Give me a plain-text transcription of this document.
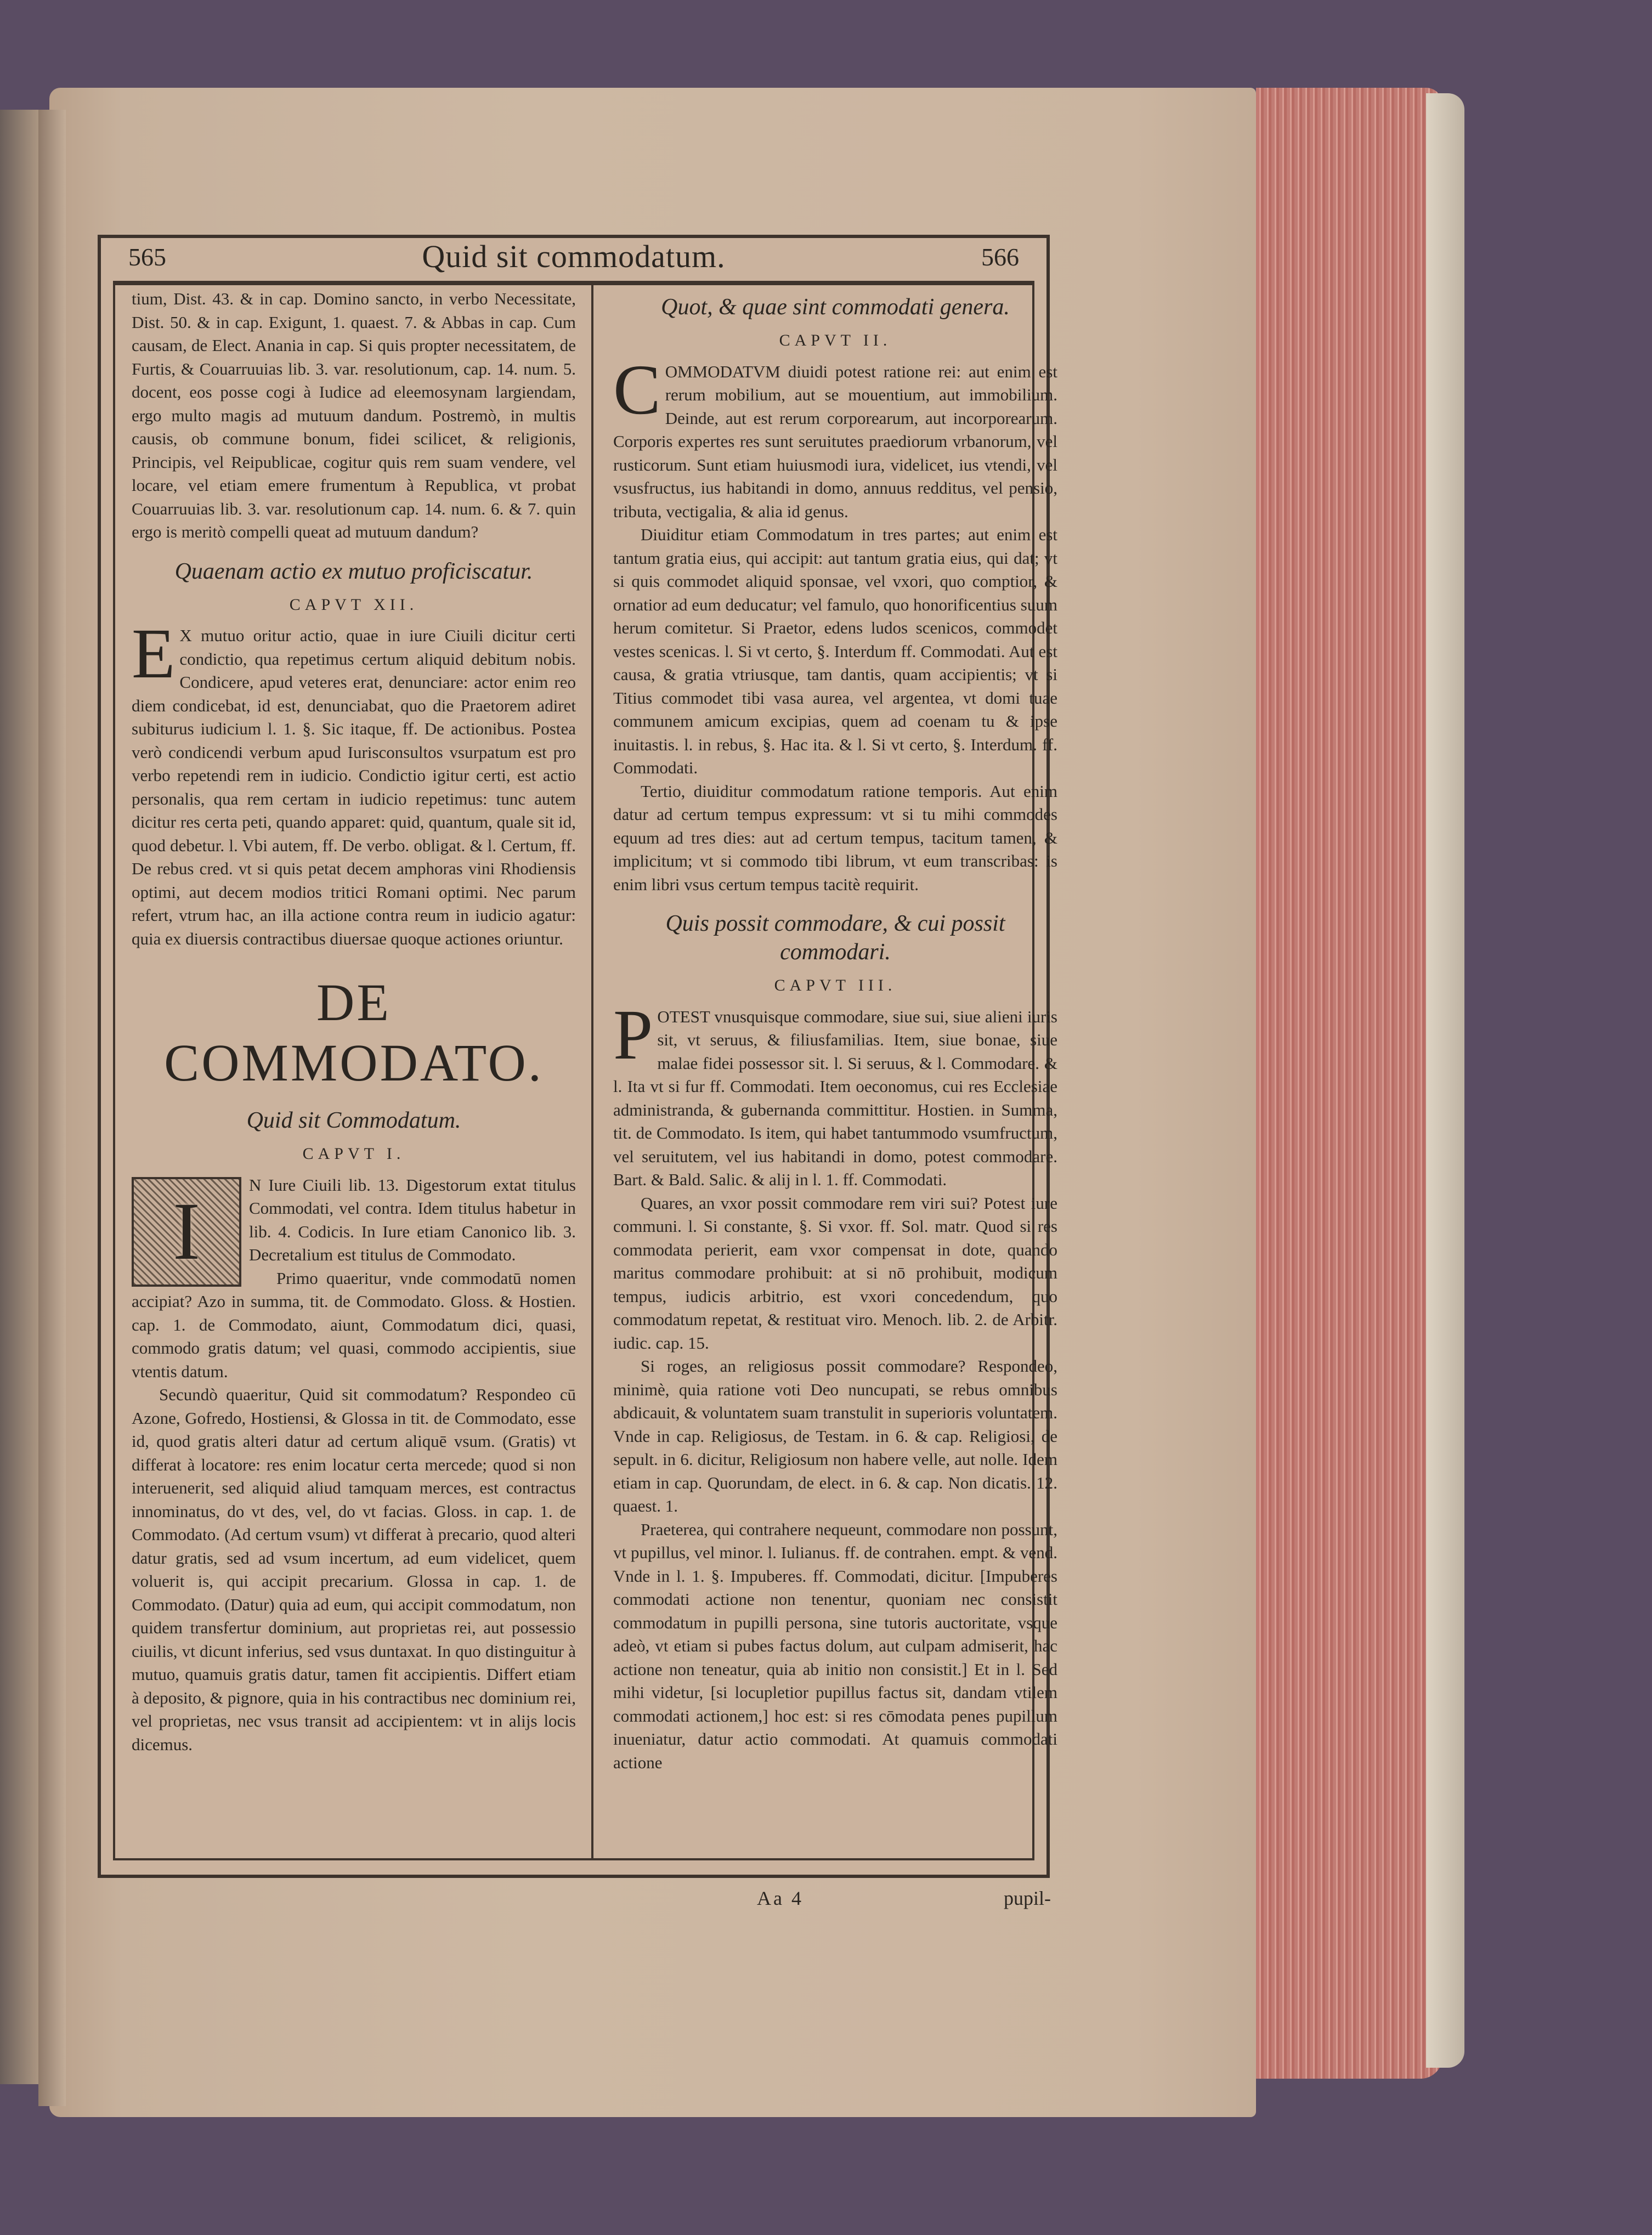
565	Quid sit commodatum.	566

tium, Dist. 43. & in cap. Domino sancto, in verbo Necessitate, Dist. 50. & in cap. Exigunt, 1. quaest. 7. & Abbas in cap. Cum causam, de Elect. Anania in cap. Si quis propter necessitatem, de Furtis, & Couarruuias lib. 3. var. resolutionum, cap. 14. num. 5. docent, eos posse cogi à Iudice ad eleemosynam largiendam, ergo multo magis ad mutuum dandum. Postremò, in multis causis, ob commune bonum, fidei scilicet, & religionis, Principis, vel Reipublicae, cogitur quis rem suam vendere, vel locare, vel etiam emere frumentum à Republica, vt probat Couarruuias lib. 3. var. resolutionum cap. 14. num. 6. & 7. quin ergo is meritò compelli queat ad mutuum dandum?

Quaenam actio ex mutuo proficiscatur.

CAPVT XII.

E X mutuo oritur actio, quae in iure Ciuili dicitur certi condictio, qua repetimus certum aliquid debitum nobis. Condicere, apud veteres erat, denunciare: actor enim reo diem condicebat, id est, denunciabat, quo die Praetorem adiret subiturus iudicium l. 1. §. Sic itaque, ff. De actionibus. Postea verò condicendi verbum apud Iurisconsultos vsurpatum est pro verbo repetendi rem in iudicio. Condictio igitur certi, est actio personalis, qua rem certam in iudicio repetimus: tunc autem dicitur res certa peti, quando apparet: quid, quantum, quale sit id, quod debetur. l. Vbi autem, ff. De verbo. obligat. & l. Certum, ff. De rebus cred. vt si quis petat decem amphoras vini Rhodiensis optimi, aut decem modios tritici Romani optimi. Nec parum refert, vtrum hac, an illa actione contra reum in iudicio agatur: quia ex diuersis contractibus diuersae quoque actiones oriuntur.

DE COMMODATO.

Quid sit Commodatum.

CAPVT I.

I
N Iure Ciuili lib. 13. Digestorum extat titulus Commodati, vel contra. Idem titulus habetur in lib. 4. Codicis. In Iure etiam Canonico lib. 3. Decretalium est titulus de Commodato.

Primo quaeritur, vnde commodatū nomen accipiat? Azo in summa, tit. de Commodato. Gloss. & Hostien. cap. 1. de Commodato, aiunt, Commodatum dici, quasi, commodo gratis datum; vel quasi, commodo accipientis, siue vtentis datum.

Secundò quaeritur, Quid sit commodatum? Respondeo cū Azone, Gofredo, Hostiensi, & Glossa in tit. de Commodato, esse id, quod gratis alteri datur ad certum aliquē vsum. (Gratis) vt differat à locatore: res enim locatur certa mercede; quod si non interuenerit, sed aliquid aliud tamquam merces, est contractus innominatus, do vt des, vel, do vt facias. Gloss. in cap. 1. de Commodato. (Ad certum vsum) vt differat à precario, quod alteri datur gratis, sed ad vsum incertum, ad eum videlicet, quem voluerit is, qui accipit precarium. Glossa in cap. 1. de Commodato. (Datur) quia ad eum, qui accipit commodatum, non quidem transfertur dominium, aut proprietas rei, aut possessio ciuilis, vt dicunt inferius, sed vsus duntaxat. In quo distinguitur à mutuo, quamuis gratis datur, tamen fit accipientis. Differt etiam à deposito, & pignore, quia in his contractibus nec dominium rei, vel proprietas, nec vsus transit ad accipientem: vt in alijs locis dicemus.

Quot, & quae sint commodati genera.

CAPVT II.

COMMODATVM diuidi potest ratione rei: aut enim est rerum mobilium, aut se mouentium, aut immobilium. Deinde, aut est rerum corporearum, aut incorporearum. Corporis expertes res sunt seruitutes praediorum vrbanorum, vel rusticorum. Sunt etiam huiusmodi iura, videlicet, ius vtendi, vel vsusfructus, ius habitandi in domo, annuus redditus, vel pensio, tributa, vectigalia, & alia id genus.

Diuiditur etiam Commodatum in tres partes; aut enim est tantum gratia eius, qui accipit: aut tantum gratia eius, qui dat; vt si quis commodet aliquid sponsae, vel vxori, quo comptior, & ornatior ad eum deducatur; vel famulo, quo honorificentius suum herum comitetur. Si Praetor, edens ludos scenicos, commodet vestes scenicas. l. Si vt certo, §. Interdum ff. Commodati. Aut est causa, & gratia vtriusque, tam dantis, quam accipientis; vt si Titius commodet tibi vasa aurea, vel argentea, vt domi tuae communem amicum excipias, quem ad coenam tu & ipse inuitastis. l. in rebus, §. Hac ita. & l. Si vt certo, §. Interdum. ff. Commodati.

Tertio, diuiditur commodatum ratione temporis. Aut enim datur ad certum tempus expressum: vt si tu mihi commodes equum ad tres dies: aut ad certum tempus, tacitum tamen, & implicitum; vt si commodo tibi librum, vt eum transcribas: is enim libri vsus certum tempus tacitè requirit.

Quis possit commodare, & cui possit commodari.

CAPVT III.

POTEST vnusquisque commodare, siue sui, siue alieni iuris sit, vt seruus, & filiusfamilias. Item, siue bonae, siue malae fidei possessor sit. l. Si seruus, & l. Commodare. & l. Ita vt si fur ff. Commodati. Item oeconomus, cui res Ecclesiae administranda, & gubernanda committitur. Hostien. in Summa, tit. de Commodato. Is item, qui habet tantummodo vsumfructum, vel seruitutem, vel ius habitandi in domo, potest commodare. Bart. & Bald. Salic. & alij in l. 1. ff. Commodati.

Quares, an vxor possit commodare rem viri sui? Potest iure communi. l. Si constante, §. Si vxor. ff. Sol. matr. Quod si res commodata perierit, eam vxor compensat in dote, quando maritus commodare prohibuit: at si nō prohibuit, modicum tempus, iudicis arbitrio, est vxori concedendum, quo commodatum repetat, & restituat viro. Menoch. lib. 2. de Arbitr. iudic. cap. 15.

Si roges, an religiosus possit commodare? Respondeo, minimè, quia ratione voti Deo nuncupati, se rebus omnibus abdicauit, & voluntatem suam transtulit in superioris voluntatem. Vnde in cap. Religiosus, de Testam. in 6. & cap. Religiosi, de sepult. in 6. dicitur, Religiosum non habere velle, aut nolle. Idem etiam in cap. Quorundam, de elect. in 6. & cap. Non dicatis. 12. quaest. 1.

Praeterea, qui contrahere nequeunt, commodare non possunt, vt pupillus, vel minor. l. Iulianus. ff. de contrahen. empt. & vend. Vnde in l. 1. §. Impuberes. ff. Commodati, dicitur. [Impuberes commodati actione non tenentur, quoniam nec consistit commodatum in pupilli persona, sine tutoris auctoritate, vsque adeò, vt etiam si pubes factus dolum, aut culpam admiserit, hac actione non teneatur, quia ab initio non consistit.] Et in l. Sed mihi videtur, [si locupletior pupillus factus sit, dandam vtilem commodati actionem,] hoc est: si res cōmodata penes pupillum inueniatur, datur actio commodati. At quamuis commodati actione

Aa 4	pupil-
